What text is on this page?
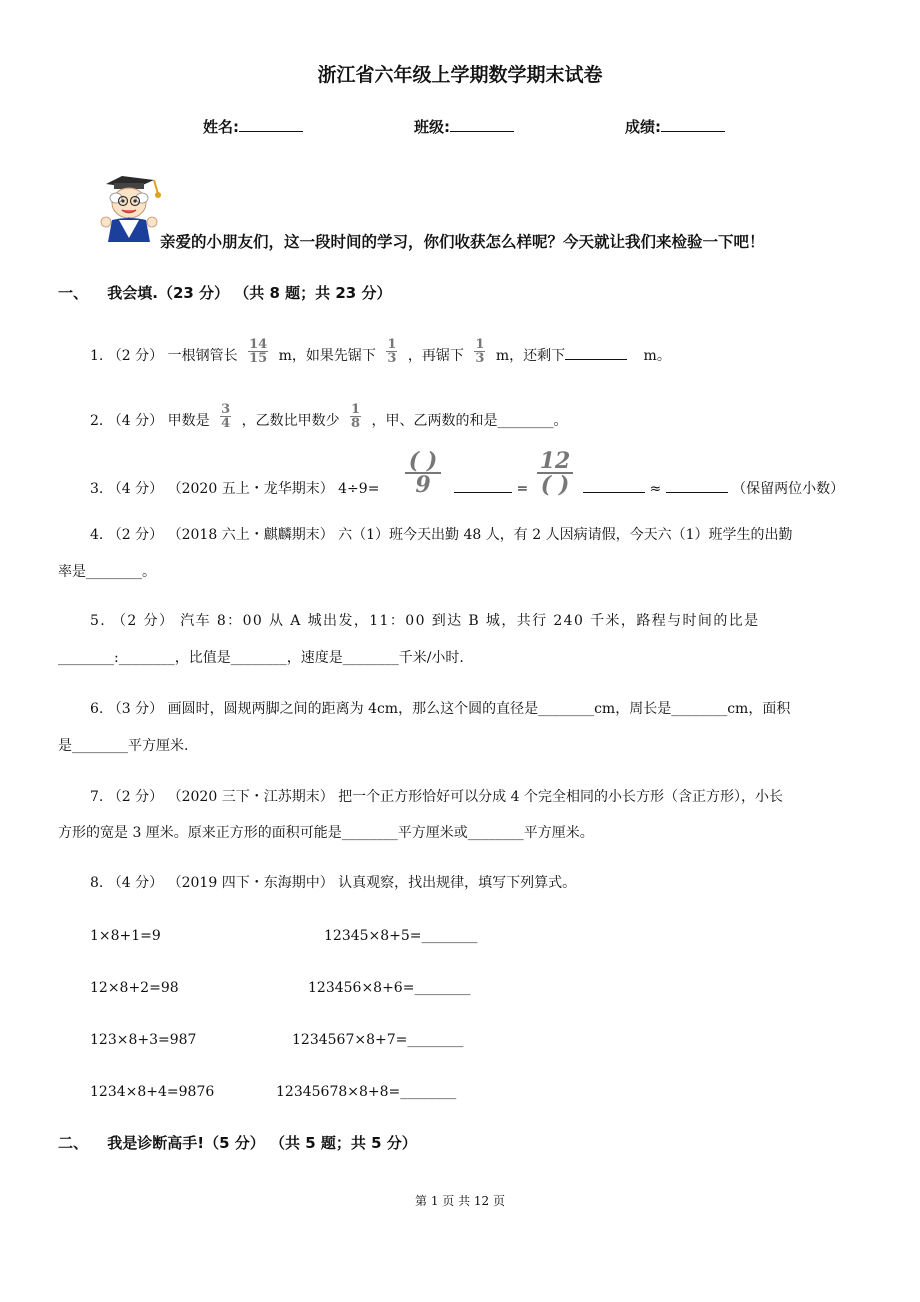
浙江省六年级上学期数学期末试卷
姓名:	班级:	成绩:
亲爱的小朋友们，这一段时间的学习，你们收获怎么样呢？今天就让我们来检验一下吧！
一、 我会填.（23 分） （共 8 题；共 23 分）
1. （2 分） 一根钢管长 $\frac{14}{15}$ m，如果先锯下 $\frac{1}{3}$ ，再锯下 $\frac{1}{3}$ m，还剩下	m。
2. （4 分） 甲数是 $\frac{3}{4}$ ，乙数比甲数少 $\frac{1}{8}$ ，甲、乙两数的和是________。
3. （4 分） （2020 五上・龙华期末） 4÷9=
( )
9	=
12
( )	≈	（保留两位小数）
4. （2 分） （2018 六上・麒麟期末） 六（1）班今天出勤 48 人，有 2 人因病请假，今天六（1）班学生的出勤
率是________。
5. （2 分） 汽车 8：00 从 A 城出发，11：00 到达 B 城，共行 240 千米，路程与时间的比是
________:________，比值是________，速度是________千米/小时.
6. （3 分） 画圆时，圆规两脚之间的距离为 4cm，那么这个圆的直径是________cm，周长是________cm，面积
是________平方厘米.
7. （2 分） （2020 三下・江苏期末） 把一个正方形恰好可以分成 4 个完全相同的小长方形（含正方形），小长
方形的宽是 3 厘米。原来正方形的面积可能是________平方厘米或________平方厘米。
8. （4 分） （2019 四下・东海期中） 认真观察，找出规律，填写下列算式。
1×8+1=9
12×8+2=98
123×8+3=987
1234×8+4=9876
12345×8+5=________
123456×8+6=________
1234567×8+7=________
12345678×8+8=________
二、 我是诊断高手!（5 分） （共 5 题；共 5 分）
第 1 页 共 12 页
